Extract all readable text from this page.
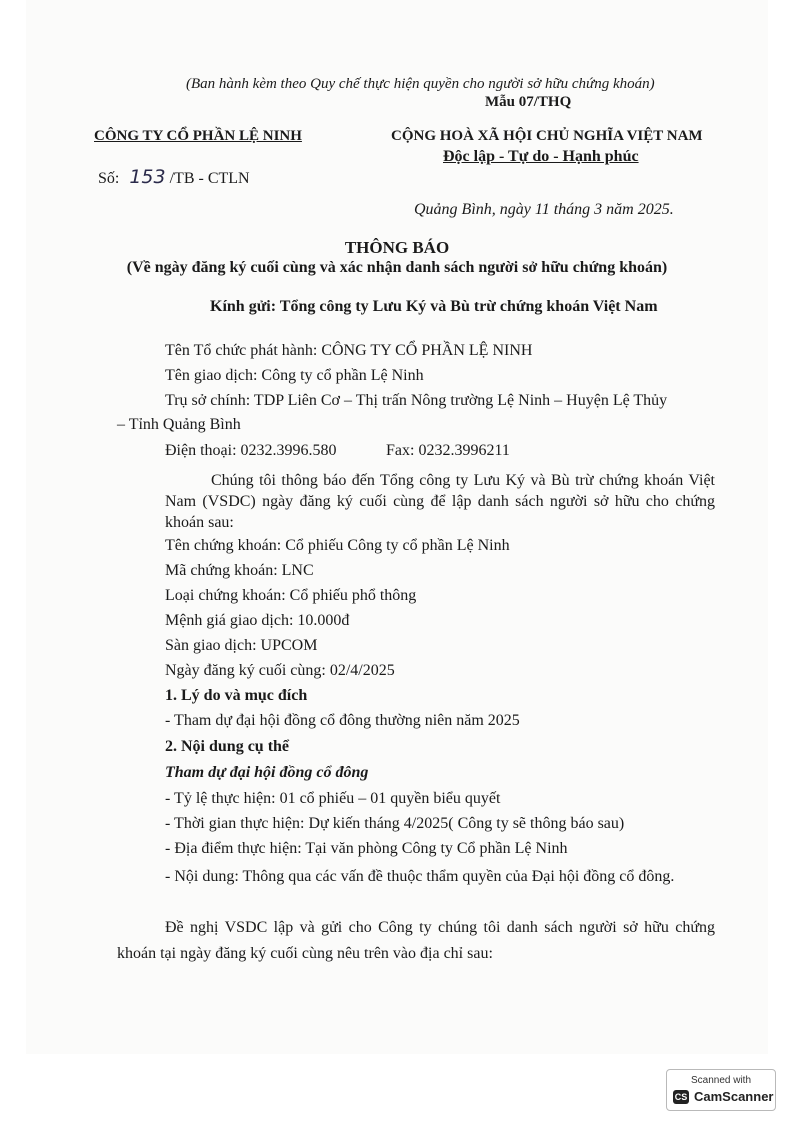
(Ban hành kèm theo Quy chế thực hiện quyền cho người sở hữu chứng khoán)
Mẫu 07/THQ
CÔNG TY CỔ PHẦN LỆ NINH	CỘNG HOÀ XÃ HỘI CHỦ NGHĨA VIỆT NAM
Độc lập - Tự do - Hạnh phúc
Số: 153 /TB - CTLN
Quảng Bình, ngày 11 tháng 3 năm 2025.
THÔNG BÁO
(Về ngày đăng ký cuối cùng và xác nhận danh sách người sở hữu chứng khoán)
Kính gửi: Tổng công ty Lưu Ký và Bù trừ chứng khoán Việt Nam
Tên Tổ chức phát hành: CÔNG TY CỔ PHẦN LỆ NINH
Tên giao dịch: Công ty cổ phần Lệ Ninh
Trụ sở chính: TDP Liên Cơ – Thị trấn Nông trường Lệ Ninh – Huyện Lệ Thủy
– Tỉnh Quảng Bình
Điện thoại: 0232.3996.580	Fax: 0232.3996211
Chúng tôi thông báo đến Tổng công ty Lưu Ký và Bù trừ chứng khoán Việt Nam (VSDC) ngày đăng ký cuối cùng để lập danh sách người sở hữu cho chứng khoán sau:
Tên chứng khoán: Cổ phiếu Công ty cổ phần Lệ Ninh
Mã chứng khoán: LNC
Loại chứng khoán: Cổ phiếu phổ thông
Mệnh giá giao dịch: 10.000đ
Sàn giao dịch: UPCOM
Ngày đăng ký cuối cùng: 02/4/2025
1. Lý do và mục đích
- Tham dự đại hội đồng cổ đông thường niên năm 2025
2. Nội dung cụ thể
Tham dự đại hội đồng cổ đông
- Tỷ lệ thực hiện: 01 cổ phiếu – 01 quyền biểu quyết
- Thời gian thực hiện: Dự kiến tháng 4/2025( Công ty sẽ thông báo sau)
- Địa điểm thực hiện: Tại văn phòng Công ty Cổ phần Lệ Ninh
- Nội dung: Thông qua các vấn đề thuộc thẩm quyền của Đại hội đồng cổ đông.
Đề nghị VSDC lập và gửi cho Công ty chúng tôi danh sách người sở hữu chứng khoán tại ngày đăng ký cuối cùng nêu trên vào địa chỉ sau:
Scanned with
CS CamScanner
